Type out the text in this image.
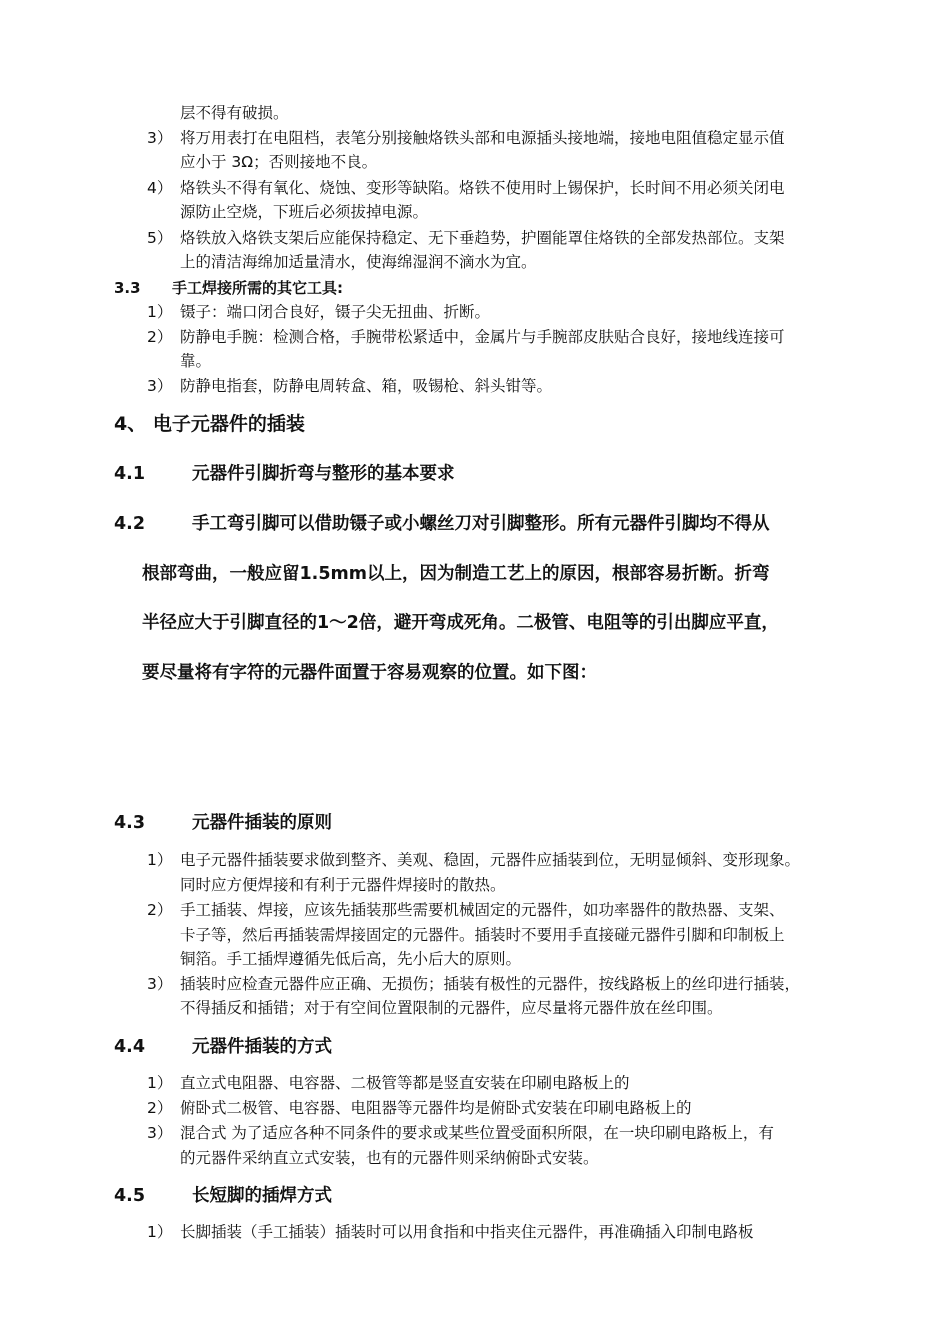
层不得有破损。
3） 将万用表打在电阻档，表笔分别接触烙铁头部和电源插头接地端，接地电阻值稳定显示值
应小于 3Ω；否则接地不良。
4） 烙铁头不得有氧化、烧蚀、变形等缺陷。烙铁不使用时上锡保护，长时间不用必须关闭电
源防止空烧，下班后必须拔掉电源。
5） 烙铁放入烙铁支架后应能保持稳定、无下垂趋势，护圈能罩住烙铁的全部发热部位。支架
上的清洁海绵加适量清水，使海绵湿润不滴水为宜。
3.3 手工焊接所需的其它工具:
1） 镊子：端口闭合良好，镊子尖无扭曲、折断。
2） 防静电手腕：检测合格，手腕带松紧适中，金属片与手腕部皮肤贴合良好，接地线连接可
靠。
3） 防静电指套，防静电周转盒、箱，吸锡枪、斜头钳等。
4、 电子元器件的插装
4.1	元器件引脚折弯与整形的基本要求
4.2	手工弯引脚可以借助镊子或小螺丝刀对引脚整形。所有元器件引脚均不得从
根部弯曲，一般应留1.5mm以上，因为制造工艺上的原因，根部容易折断。折弯
半径应大于引脚直径的1～2倍，避开弯成死角。二极管、电阻等的引出脚应平直，
要尽量将有字符的元器件面置于容易观察的位置。如下图：
4.3	元器件插装的原则
1） 电子元器件插装要求做到整齐、美观、稳固，元器件应插装到位，无明显倾斜、变形现象。
同时应方便焊接和有利于元器件焊接时的散热。
2） 手工插装、焊接，应该先插装那些需要机械固定的元器件，如功率器件的散热器、支架、
卡子等，然后再插装需焊接固定的元器件。插装时不要用手直接碰元器件引脚和印制板上
铜箔。手工插焊遵循先低后高，先小后大的原则。
3） 插装时应检查元器件应正确、无损伤；插装有极性的元器件，按线路板上的丝印进行插装，
不得插反和插错；对于有空间位置限制的元器件，应尽量将元器件放在丝印围。
4.4	元器件插装的方式
1） 直立式电阻器、电容器、二极管等都是竖直安装在印刷电路板上的
2） 俯卧式二极管、电容器、电阻器等元器件均是俯卧式安装在印刷电路板上的
3） 混合式 为了适应各种不同条件的要求或某些位置受面积所限，在一块印刷电路板上，有
的元器件采纳直立式安装，也有的元器件则采纳俯卧式安装。
4.5	长短脚的插焊方式
1） 长脚插装（手工插装）插装时可以用食指和中指夹住元器件，再准确插入印制电路板
